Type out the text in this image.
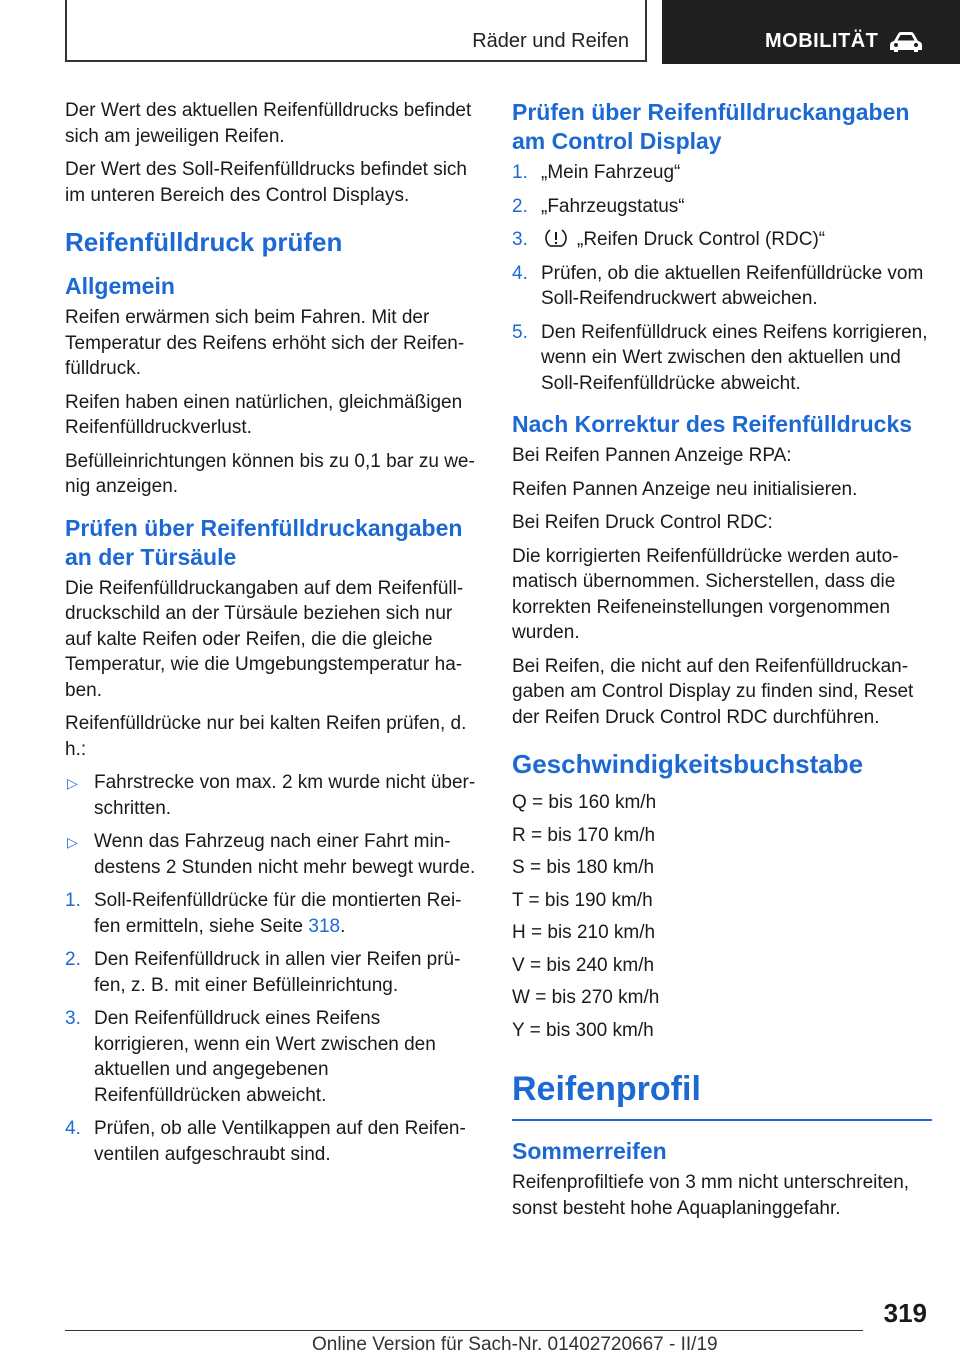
Räder und Reifen	MOBILITÄT

Der Wert des aktuellen Reifenfülldrucks befindet sich am jeweiligen Reifen.

Der Wert des Soll-Reifenfülldrucks befindet sich im unteren Bereich des Control Displays.

Reifenfülldruck prüfen
Allgemein

Reifen erwärmen sich beim Fahren. Mit der Temperatur des Reifens erhöht sich der Reifenfülldruck.

Reifen haben einen natürlichen, gleichmäßigen Reifenfülldruckverlust.

Befülleinrichtungen können bis zu 0,1 bar zu wenig anzeigen.

Prüfen über Reifenfülldruckangaben an der Türsäule

Die Reifenfülldruckangaben auf dem Reifenfülldruckschild an der Türsäule beziehen sich nur auf kalte Reifen oder Reifen, die die gleiche Temperatur, wie die Umgebungstemperatur haben.

Reifenfülldrücke nur bei kalten Reifen prüfen, d. h.:

▷ Fahrstrecke von max. 2 km wurde nicht überschritten.
▷ Wenn das Fahrzeug nach einer Fahrt mindestens 2 Stunden nicht mehr bewegt wurde.
1. Soll-Reifenfülldrücke für die montierten Reifen ermitteln, siehe Seite 318.
2. Den Reifenfülldruck in allen vier Reifen prüfen, z. B. mit einer Befülleinrichtung.
3. Den Reifenfülldruck eines Reifens korrigieren, wenn ein Wert zwischen den aktuellen und angegebenen Reifenfülldrücken abweicht.
4. Prüfen, ob alle Ventilkappen auf den Reifenventilen aufgeschraubt sind.
Prüfen über Reifenfülldruckangaben am Control Display
1. „Mein Fahrzeug“
2. „Fahrzeugstatus“
3.	„Reifen Druck Control (RDC)“
4. Prüfen, ob die aktuellen Reifenfülldrücke vom Soll-Reifendruckwert abweichen.
5. Den Reifenfülldruck eines Reifens korrigieren, wenn ein Wert zwischen den aktuellen und Soll-Reifenfülldrücke abweicht.
Nach Korrektur des Reifenfülldrucks

Bei Reifen Pannen Anzeige RPA:

Reifen Pannen Anzeige neu initialisieren.

Bei Reifen Druck Control RDC:

Die korrigierten Reifenfülldrücke werden automatisch übernommen. Sicherstellen, dass die korrekten Reifeneinstellungen vorgenommen wurden.

Bei Reifen, die nicht auf den Reifenfülldruckangaben am Control Display zu finden sind, Reset der Reifen Druck Control RDC durchführen.

Geschwindigkeitsbuchstabe

Q = bis 160 km/h

R = bis 170 km/h

S = bis 180 km/h

T = bis 190 km/h

H = bis 210 km/h

V = bis 240 km/h

W = bis 270 km/h

Y = bis 300 km/h

Reifenprofil
Sommerreifen

Reifenprofiltiefe von 3 mm nicht unterschreiten, sonst besteht hohe Aquaplaninggefahr.

319
Online Version für Sach-Nr. 01402720667 - II/19
